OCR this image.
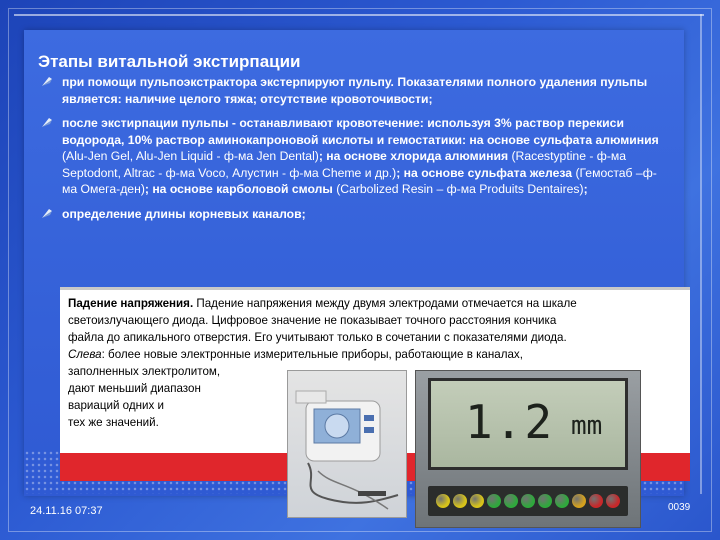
Этапы витальной экстирпации
при помощи пульпоэкстрактора экстерпируют пульпу. Показателями полного удаления пульпы является: наличие целого тяжа; отсутствие кровоточивости;
после экстирпации пульпы - останавливают кровотечение: используя 3% раствор перекиси водорода, 10% раствор аминокапроновой кислоты и гемостатики: на основе сульфата алюминия (Alu-Jen Gel, Alu-Jen Liquid - ф-ма Jen Dental); на основе хлорида алюминия (Racestyptine - ф-ма Septodont, Altrac - ф-ма Voco, Алустин - ф-ма Cheme и др.); на основе сульфата железа (Гемостаб –ф-ма Омега-ден); на основе карболовой смолы (Carbolized Resin – ф-ма Produits Dentaires);
определение длины корневых каналов;
Падение напряжения. Падение напряжения между двумя электродами отмечается на шкале
светоизлучающего диода. Цифровое значение не показывает точного расстояния кончика
файла до апикального отверстия. Его учитывают только в сочетании с показателями диода.
Слева: более новые электронные измерительные приборы, работающие в каналах,
заполненных электролитом,
дают меньший диапазон
вариаций одних и
тех же значений.	1.2 mm
24.11.16 07:37	0039
